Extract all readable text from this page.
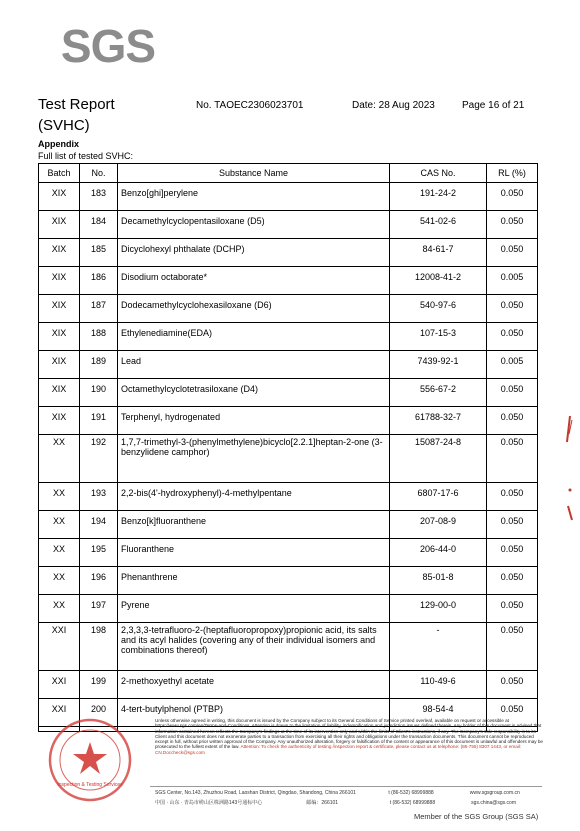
SGS
Test Report
(SVHC)
No. TAOEC2306023701	Date: 28 Aug 2023	Page 16 of 21
Appendix
Full list of tested SVHC:
Batch	No.	Substance Name	CAS No.	RL (%)
XIX	183	Benzo[ghi]perylene	191-24-2	0.050
XIX	184	Decamethylcyclopentasiloxane (D5)	541-02-6	0.050
XIX	185	Dicyclohexyl phthalate (DCHP)	84-61-7	0.050
XIX	186	Disodium octaborate*	12008-41-2	0.005
XIX	187	Dodecamethylcyclohexasiloxane (D6)	540-97-6	0.050
XIX	188	Ethylenediamine(EDA)	107-15-3	0.050
XIX	189	Lead	7439-92-1	0.005
XIX	190	Octamethylcyclotetrasiloxane (D4)	556-67-2	0.050
XIX	191	Terphenyl, hydrogenated	61788-32-7	0.050
XX	192	1,7,7-trimethyl-3-(phenylmethylene)bicyclo[2.2.1]heptan-2-one (3-benzylidene camphor)	15087-24-8	0.050
XX	193	2,2-bis(4'-hydroxyphenyl)-4-methylpentane	6807-17-6	0.050
XX	194	Benzo[k]fluoranthene	207-08-9	0.050
XX	195	Fluoranthene	206-44-0	0.050
XX	196	Phenanthrene	85-01-8	0.050
XX	197	Pyrene	129-00-0	0.050
XXI	198	2,3,3,3-tetrafluoro-2-(heptafluoropropoxy)propionic acid, its salts and its acyl halides (covering any of their individual isomers and combinations thereof)	-	0.050
XXI	199	2-methoxyethyl acetate	110-49-6	0.050
XXI	200	4-tert-butylphenol (PTBP)	98-54-4	0.050

Inspection & Testing Services
Unless otherwise agreed in writing, this document is issued by the Company subject to its General Conditions of Service printed overleaf, available on request or accessible at https://www.sgs.com/en/Terms-and-Conditions. Attention is drawn to the limitation of liability, indemnification and jurisdiction issues defined therein. Any holder of this document is advised that information contained hereon reflects the Company's findings at the time of its intervention only and within the limits of Client's instructions, if any. The Company's sole responsibility is to its Client and this document does not exonerate parties to a transaction from exercising all their rights and obligations under the transaction documents. This document cannot be reproduced except in full, without prior written approval of the Company. Any unauthorized alteration, forgery or falsification of the content or appearance of this document is unlawful and offenders may be prosecuted to the fullest extent of the law. Attention: To check the authenticity of testing /inspection report & certificate, please contact us at telephone: (86-755) 8307 1443, or email: CN.Doccheck@sgs.com
SGS Center, No.143, Zhuzhou Road, Laoshan District, Qingdao, Shandong, China 266101	t (86-532) 68999888	www.sgsgroup.com.cn
中国 · 山东 · 青岛市崂山区株洲路143号通标中心	邮编：266101	t (86-532) 68999888	sgs.china@sgs.com
Member of the SGS Group (SGS SA)
